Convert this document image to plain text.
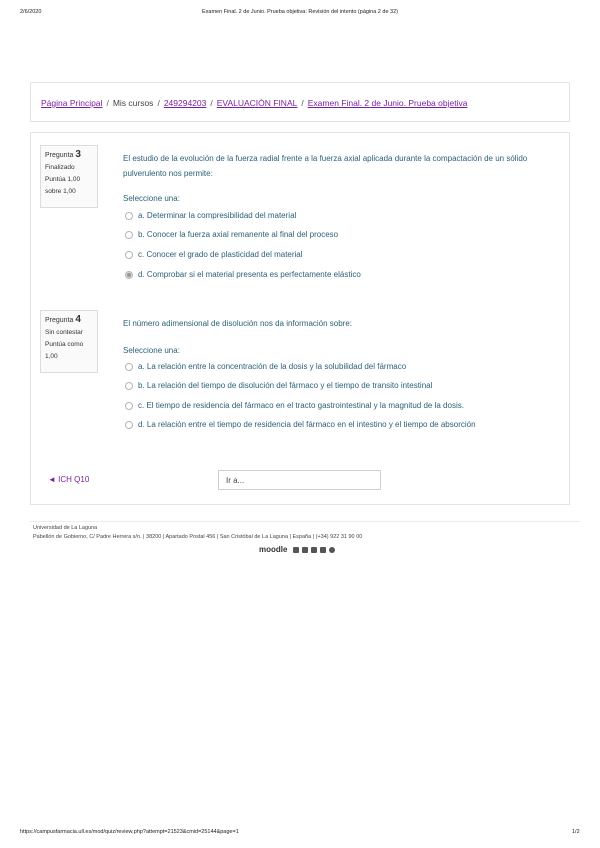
2/6/2020	Examen Final. 2 de Junio. Prueba objetiva: Revisión del intento (página 2 de 32)
Página Principal / Mis cursos / 249294203 / EVALUACIÓN FINAL / Examen Final. 2 de Junio. Prueba objetiva
Pregunta 3
Finalizado
Puntúa 1,00
sobre 1,00
El estudio de la evolución de la fuerza radial frente a la fuerza axial aplicada durante la compactación de un sólido pulverulento nos permite:
Seleccione una:
a. Determinar la compresibilidad del material
b. Conocer la fuerza axial remanente al final del proceso
c. Conocer el grado de plasticidad del material
d. Comprobar si el material presenta es perfectamente elástico
Pregunta 4
Sin contestar
Puntúa como
1,00
El número adimensional de disolución nos da información sobre:
Seleccione una:
a. La relación entre la concentración de la dosis y la solubilidad del fármaco
b. La relación del tiempo de disolución del fármaco y el tiempo de transito intestinal
c. El tiempo de residencia del fármaco en el tracto gastrointestinal y la magnitud de la dosis.
d. La relación entre el tiempo de residencia del fármaco en el intestino y el tiempo de absorción
◄ ICH Q10	Ir a...
Universidad de La Laguna
Pabellón de Gobierno, C/ Padre Herrera s/n. | 38200 | Apartado Postal 456 | San Cristóbal de La Laguna | España | (+34) 922 31 90 00
moodle
https://campusfarmacia.ull.es/mod/quiz/review.php?attempt=21523&cmid=25144&page=1	1/2
